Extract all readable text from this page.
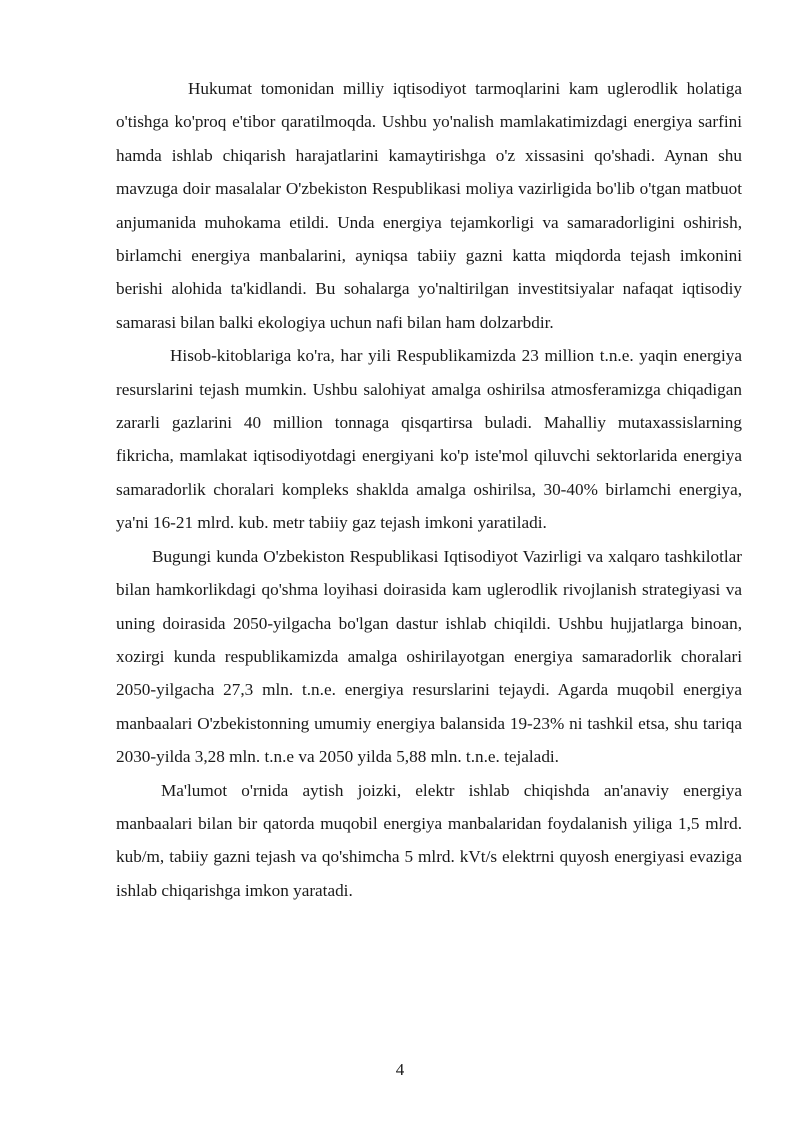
Hukumat tomonidan milliy iqtisodiyot tarmoqlarini kam uglerodlik holatiga o'tishga ko'proq e'tibor qaratilmoqda. Ushbu yo'nalish mamlakatimizdagi energiya sarfini hamda ishlab chiqarish harajatlarini kamaytirishga o'z xissasini qo'shadi. Aynan shu mavzuga doir masalalar O'zbekiston Respublikasi moliya vazirligida bo'lib o'tgan matbuot anjumanida muhokama etildi. Unda energiya tejamkorligi va samaradorligini oshirish, birlamchi energiya manbalarini, ayniqsa tabiiy gazni katta miqdorda tejash imkonini berishi alohida ta'kidlandi. Bu sohalarga yo'naltirilgan investitsiyalar nafaqat iqtisodiy samarasi bilan balki ekologiya uchun nafi bilan ham dolzarbdir.

Hisob-kitoblariga ko'ra, har yili Respublikamizda 23 million t.n.e. yaqin energiya resurslarini tejash mumkin. Ushbu salohiyat amalga oshirilsa atmosferamizga chiqadigan zararli gazlarini 40 million tonnaga qisqartirsa buladi. Mahalliy mutaxassislarning fikricha, mamlakat iqtisodiyotdagi energiyani ko'p iste'mol qiluvchi sektorlarida energiya samaradorlik choralari kompleks shaklda amalga oshirilsa, 30-40% birlamchi energiya, ya'ni 16-21 mlrd. kub. metr tabiiy gaz tejash imkoni yaratiladi.

Bugungi kunda O'zbekiston Respublikasi Iqtisodiyot Vazirligi va xalqaro tashkilotlar bilan hamkorlikdagi qo'shma loyihasi doirasida kam uglerodlik rivojlanish strategiyasi va uning doirasida 2050-yilgacha bo'lgan dastur ishlab chiqildi. Ushbu hujjatlarga binoan, xozirgi kunda respublikamizda amalga oshirilayotgan energiya samaradorlik choralari 2050-yilgacha 27,3 mln. t.n.e. energiya resurslarini tejaydi. Agarda muqobil energiya manbaalari O'zbekistonning umumiy energiya balansida 19-23% ni tashkil etsa, shu tariqa 2030-yilda 3,28 mln. t.n.e va 2050 yilda 5,88 mln. t.n.e. tejaladi.

Ma'lumot o'rnida aytish joizki, elektr ishlab chiqishda an'anaviy energiya manbaalari bilan bir qatorda muqobil energiya manbalaridan foydalanish yiliga 1,5 mlrd. kub/m, tabiiy gazni tejash va qo'shimcha 5 mlrd. kVt/s elektrni quyosh energiyasi evaziga ishlab chiqarishga imkon yaratadi.

4
